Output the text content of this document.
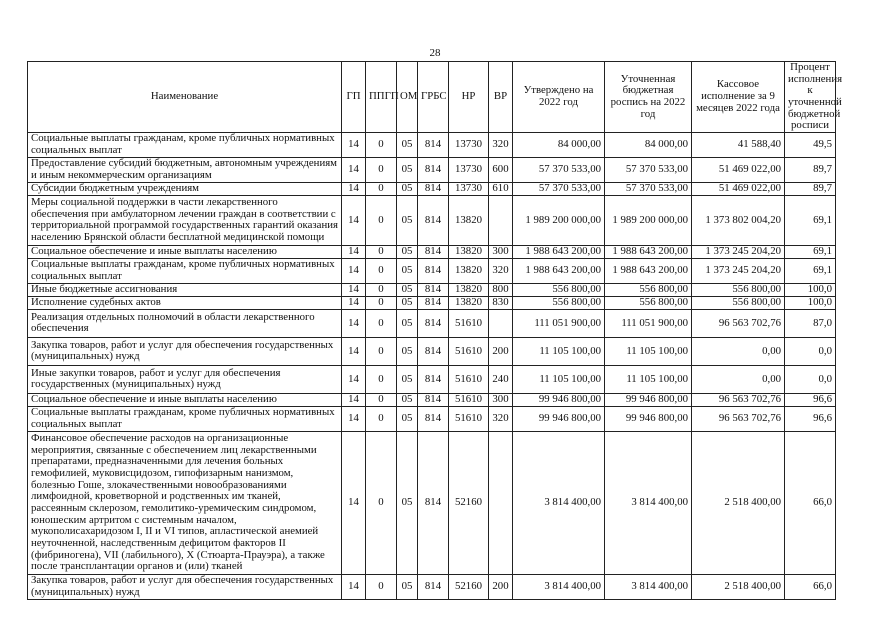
28
Наименование	ГП	ППГП	ОМ	ГРБС	НР	ВР	Утверждено на 2022 год	Уточненная бюджетная роспись на 2022 год	Кассовое исполнение за 9 месяцев 2022 года	Процент исполнения к уточненной бюджетной росписи
Социальные выплаты гражданам, кроме публичных нормативных социальных выплат	14	0	05	814	13730	320	84 000,00	84 000,00	41 588,40	49,5
Предоставление субсидий бюджетным, автономным учреждениям и иным некоммерческим организациям	14	0	05	814	13730	600	57 370 533,00	57 370 533,00	51 469 022,00	89,7
Субсидии бюджетным учреждениям	14	0	05	814	13730	610	57 370 533,00	57 370 533,00	51 469 022,00	89,7
Меры социальной поддержки в части лекарственного обеспечения при амбулаторном лечении граждан в соответствии с территориальной программой государственных гарантий оказания населению Брянской области бесплатной медицинской помощи	14	0	05	814	13820		1 989 200 000,00	1 989 200 000,00	1 373 802 004,20	69,1
Социальное обеспечение и иные выплаты населению	14	0	05	814	13820	300	1 988 643 200,00	1 988 643 200,00	1 373 245 204,20	69,1
Социальные выплаты гражданам, кроме публичных нормативных социальных выплат	14	0	05	814	13820	320	1 988 643 200,00	1 988 643 200,00	1 373 245 204,20	69,1
Иные бюджетные ассигнования	14	0	05	814	13820	800	556 800,00	556 800,00	556 800,00	100,0
Исполнение судебных актов	14	0	05	814	13820	830	556 800,00	556 800,00	556 800,00	100,0
Реализация отдельных полномочий в области лекарственного обеспечения	14	0	05	814	51610		111 051 900,00	111 051 900,00	96 563 702,76	87,0
Закупка товаров, работ и услуг для обеспечения государственных (муниципальных) нужд	14	0	05	814	51610	200	11 105 100,00	11 105 100,00	0,00	0,0
Иные закупки товаров, работ и услуг для обеспечения государственных (муниципальных) нужд	14	0	05	814	51610	240	11 105 100,00	11 105 100,00	0,00	0,0
Социальное обеспечение и иные выплаты населению	14	0	05	814	51610	300	99 946 800,00	99 946 800,00	96 563 702,76	96,6
Социальные выплаты гражданам, кроме публичных нормативных социальных выплат	14	0	05	814	51610	320	99 946 800,00	99 946 800,00	96 563 702,76	96,6
Финансовое обеспечение расходов на организационные мероприятия, связанные с обеспечением лиц лекарственными препаратами, предназначенными для лечения больных гемофилией, муковисцидозом, гипофизарным нанизмом, болезнью Гоше, злокачественными новообразованиями лимфоидной, кроветворной и родственных им тканей, рассеянным склерозом, гемолитико-уремическим синдромом, юношеским артритом с системным началом, мукополисахаридозом I, II и VI типов, апластической анемией неуточненной, наследственным дефицитом факторов II (фибриногена), VII (лабильного), X (Стюарта-Прауэра), а также после трансплантации органов и (или) тканей	14	0	05	814	52160		3 814 400,00	3 814 400,00	2 518 400,00	66,0
Закупка товаров, работ и услуг для обеспечения государственных (муниципальных) нужд	14	0	05	814	52160	200	3 814 400,00	3 814 400,00	2 518 400,00	66,0
